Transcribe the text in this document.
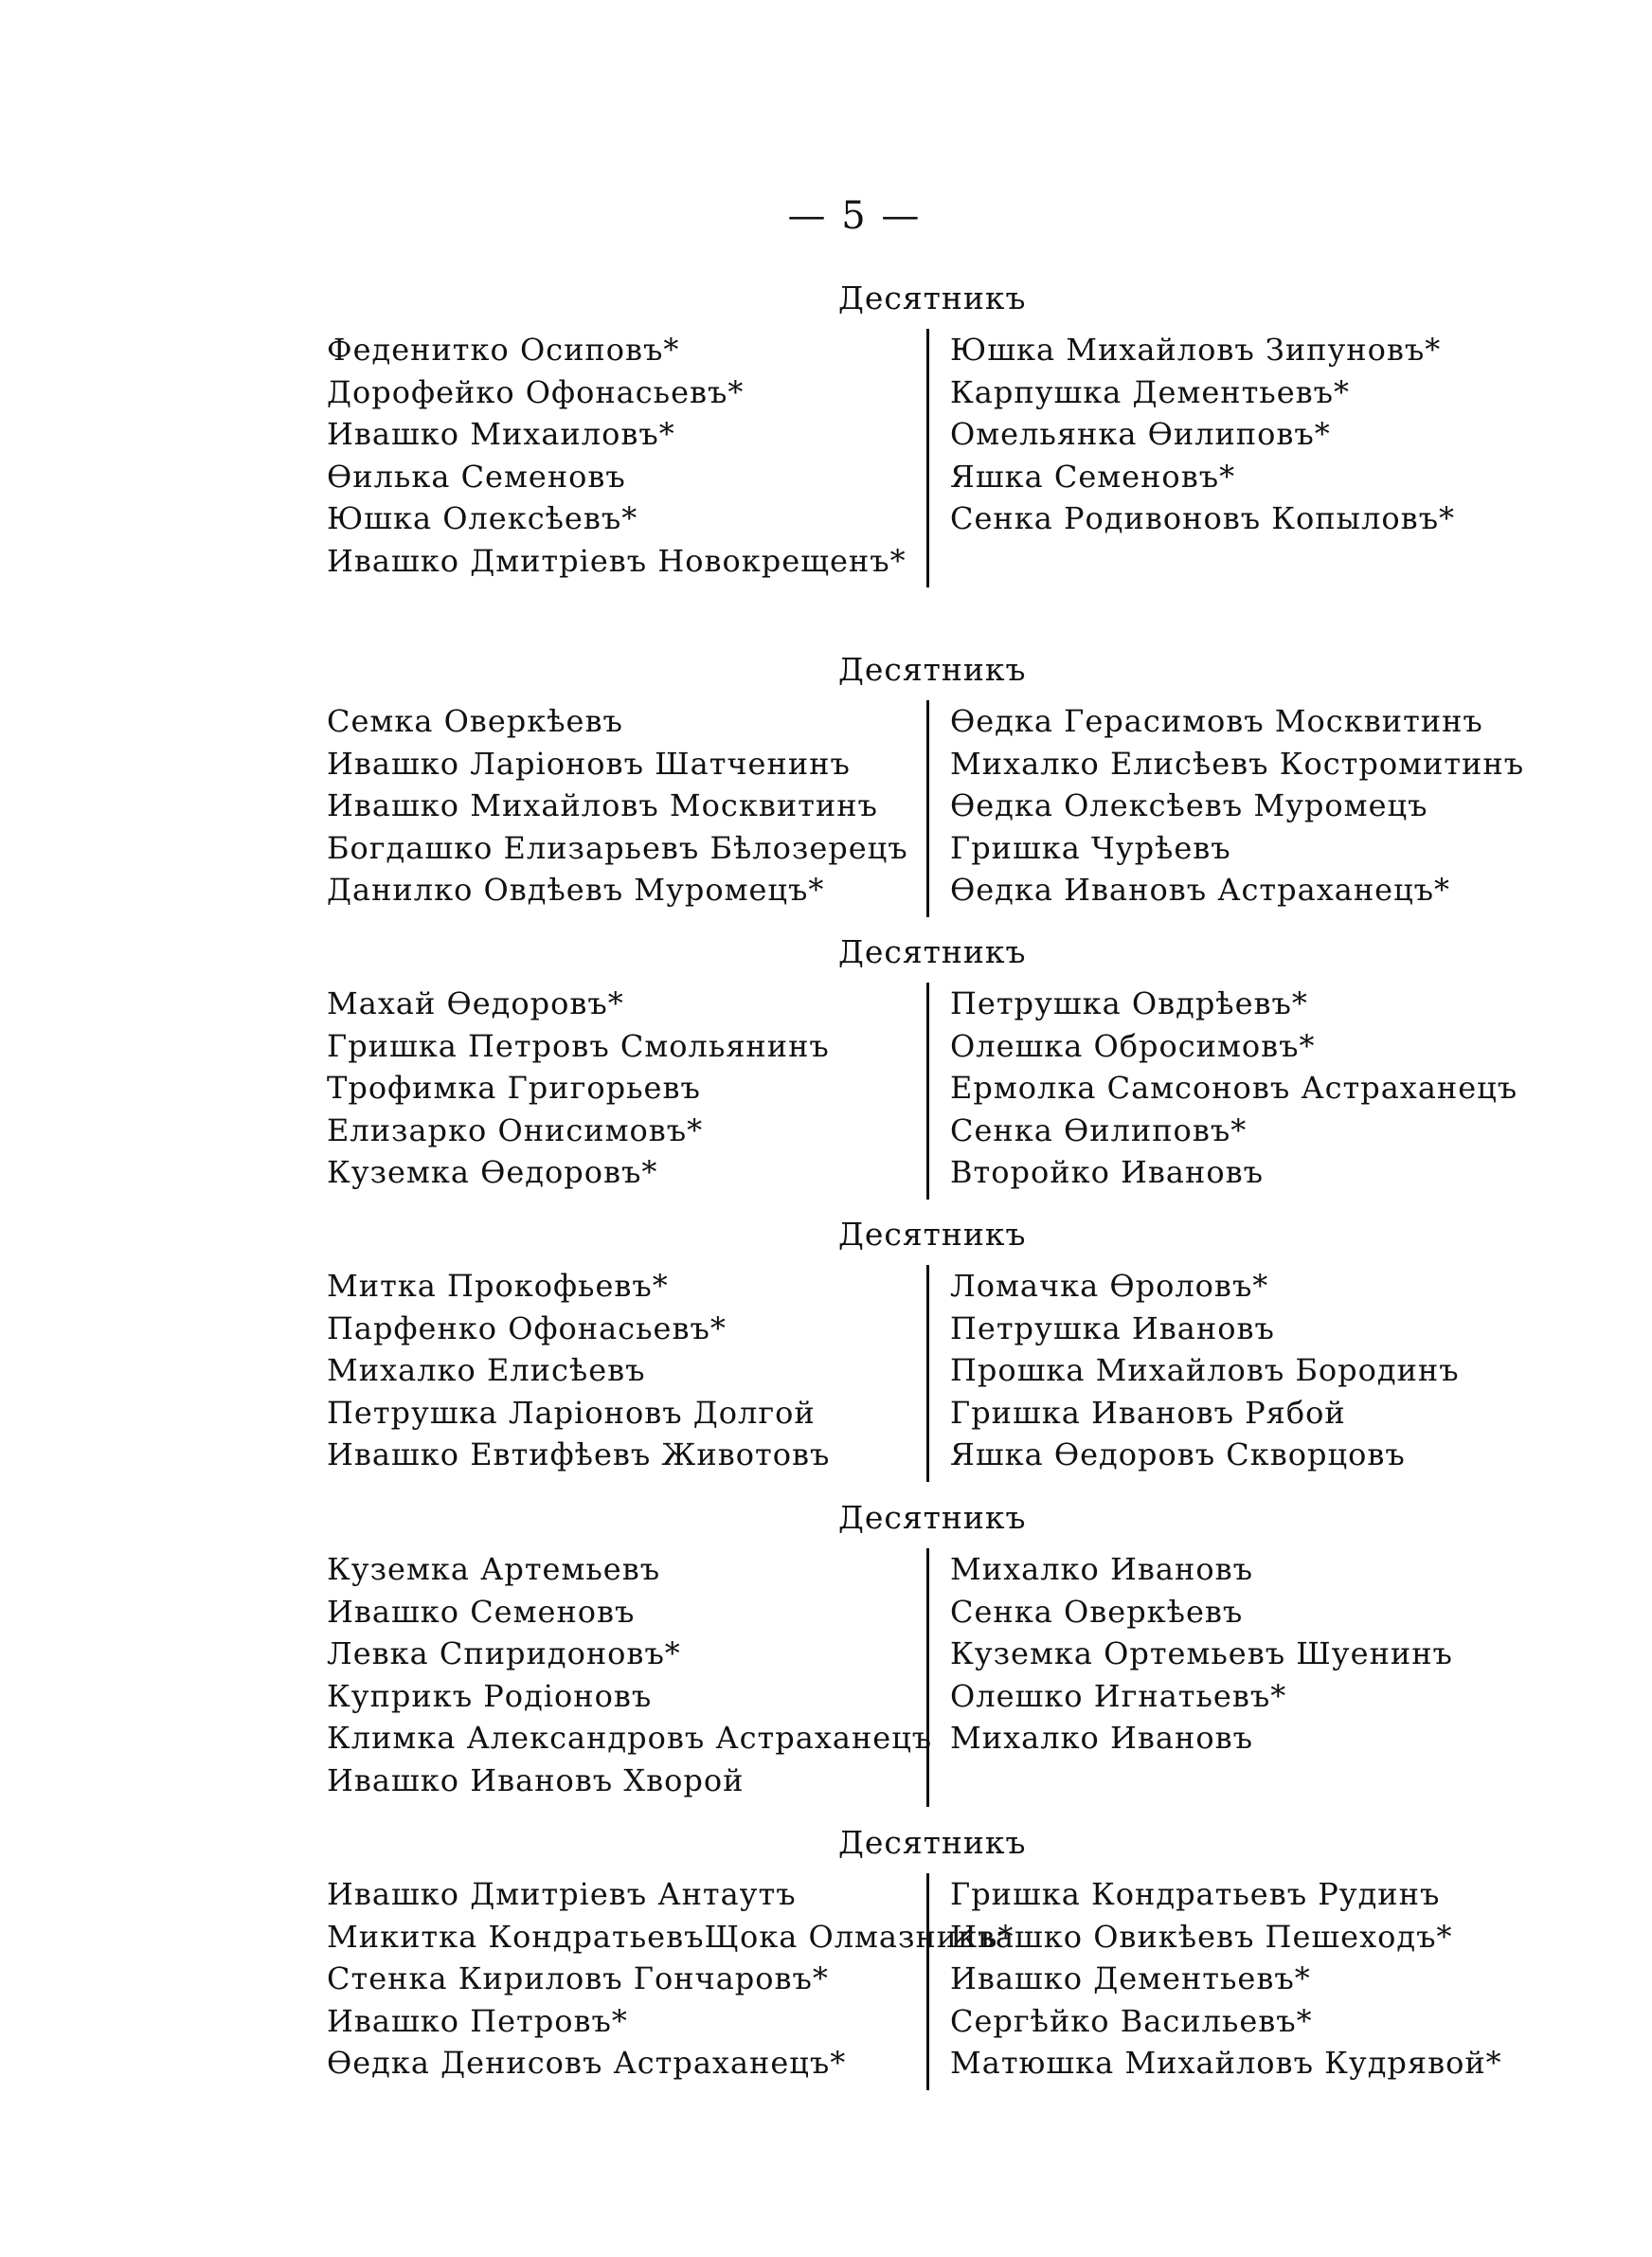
— 5 —
Десятникъ
Феденитко Осиповъ*
Дорофейко Офонасьевъ*
Ивашко Михаиловъ*
Өилька Семеновъ
Юшка Олексѣевъ*
Ивашко Дмитріевъ Новокрещенъ*
Юшка Михайловъ Зипуновъ*
Карпушка Дементьевъ*
Омельянка Өилиповъ*
Яшка Семеновъ*
Сенка Родивоновъ Копыловъ*
Десятникъ
Семка Оверкѣевъ
Ивашко Ларіоновъ Шатченинъ
Ивашко Михайловъ Москвитинъ
Богдашко Елизарьевъ Бѣлозерецъ
Данилко Овдѣевъ Муромецъ*
Өедка Герасимовъ Москвитинъ
Михалко Елисѣевъ Костромитинъ
Өедка Олексѣевъ Муромецъ
Гришка Чурѣевъ
Өедка Ивановъ Астраханецъ*
Десятникъ
Махай Өедоровъ*
Гришка Петровъ Смольянинъ
Трофимка Григорьевъ
Елизарко Онисимовъ*
Куземка Өедоровъ*
Петрушка Овдрѣевъ*
Олешка Обросимовъ*
Ермолка Самсоновъ Астраханецъ
Сенка Өилиповъ*
Второйко Ивановъ
Десятникъ
Митка Прокофьевъ*
Парфенко Офонасьевъ*
Михалко Елисѣевъ
Петрушка Ларіоновъ Долгой
Ивашко Евтифѣевъ Животовъ
Ломачка Өроловъ*
Петрушка Ивановъ
Прошка Михайловъ Бородинъ
Гришка Ивановъ Рябой
Яшка Өедоровъ Скворцовъ
Десятникъ
Куземка Артемьевъ
Ивашко Семеновъ
Левка Спиридоновъ*
Куприкъ Родіоновъ
Климка Александровъ Астраханецъ
Ивашко Ивановъ Хворой
Михалко Ивановъ
Сенка Оверкѣевъ
Куземка Ортемьевъ Шуенинъ
Олешко Игнатьевъ*
Михалко Ивановъ
Десятникъ
Ивашко Дмитріевъ Антаутъ
Микитка КондратьевъЩока Олмазникъ*
Стенка Кириловъ Гончаровъ*
Ивашко Петровъ*
Өедка Денисовъ Астраханецъ*
Гришка Кондратьевъ Рудинъ
Ивашко Овикѣевъ Пешеходъ*
Ивашко Дементьевъ*
Сергѣйко Васильевъ*
Матюшка Михайловъ Кудрявой*
